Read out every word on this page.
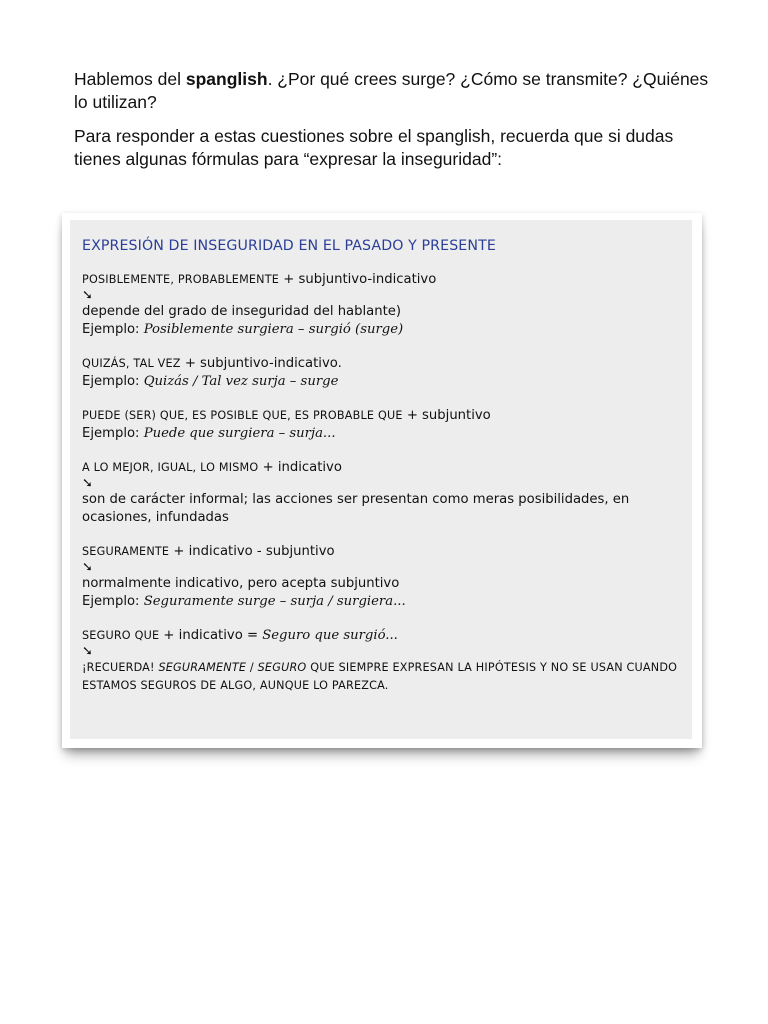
Hablemos del spanglish. ¿Por qué crees surge? ¿Cómo se transmite? ¿Quiénes lo utilizan?

Para responder a estas cuestiones sobre el spanglish, recuerda que si dudas tienes algunas fórmulas para “expresar la inseguridad”:

EXPRESIÓN DE INSEGURIDAD EN EL PASADO Y PRESENTE
POSIBLEMENTE, PROBABLEMENTE + subjuntivo-indicativo
➘
depende del grado de inseguridad del hablante)
Ejemplo: Posiblemente surgiera – surgió (surge)
QUIZÁS, TAL VEZ + subjuntivo-indicativo.
Ejemplo: Quizás / Tal vez surja – surge
PUEDE (SER) QUE, ES POSIBLE QUE, ES PROBABLE QUE + subjuntivo
Ejemplo: Puede que surgiera – surja...
A LO MEJOR, IGUAL, LO MISMO + indicativo
➘
son de carácter informal; las acciones ser presentan como meras posibilidades, en ocasiones, infundadas
SEGURAMENTE + indicativo - subjuntivo
➘
normalmente indicativo, pero acepta subjuntivo
Ejemplo: Seguramente surge – surja / surgiera...
SEGURO QUE + indicativo = Seguro que surgió...
➘
¡RECUERDA! SEGURAMENTE / SEGURO QUE SIEMPRE EXPRESAN LA HIPÓTESIS Y NO SE USAN CUANDO ESTAMOS SEGUROS DE ALGO, AUNQUE LO PAREZCA.
